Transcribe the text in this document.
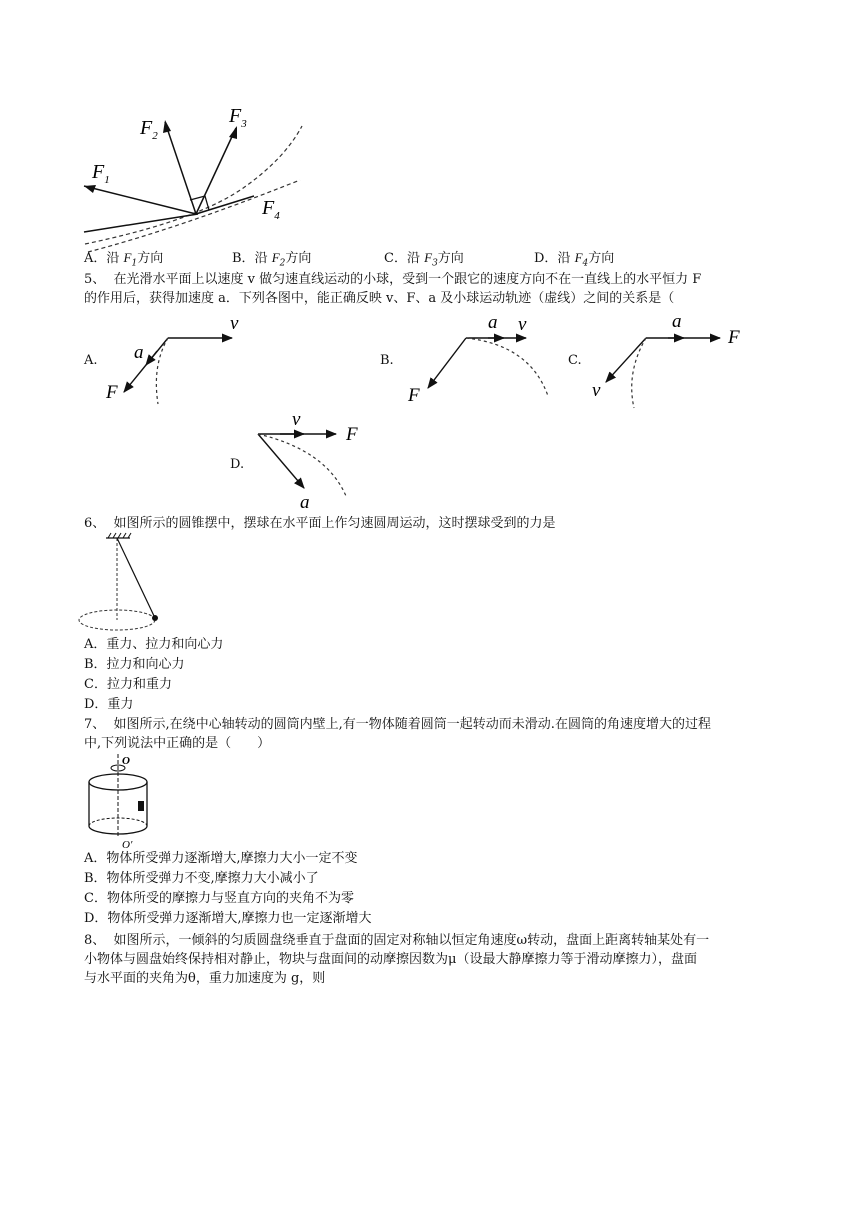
$F_1$
$F_2$
$F_3$
$F_4$
A．沿 $F_1$方向	B．沿 $F_2$方向	C．沿 $F_3$方向	D．沿 $F_4$方向
5、 在光滑水平面上以速度 v 做匀速直线运动的小球，受到一个跟它的速度方向不在一直线上的水平恒力 F
的作用后，获得加速度 a．下列各图中，能正确反映 v、F、a 及小球运动轨迹（虚线）之间的关系是（
A.	B.	C.
D.
v
a
F
a v
F
a
F
v
v
F
a
6、 如图所示的圆锥摆中，摆球在水平面上作匀速圆周运动，这时摆球受到的力是
A．重力、拉力和向心力
B．拉力和向心力
C．拉力和重力
D．重力
7、 如图所示,在绕中心轴转动的圆筒内壁上,有一物体随着圆筒一起转动而未滑动.在圆筒的角速度增大的过程
中,下列说法中正确的是（　　）
O
O′
A．物体所受弹力逐渐增大,摩擦力大小一定不变
B．物体所受弹力不变,摩擦力大小减小了
C．物体所受的摩擦力与竖直方向的夹角不为零
D．物体所受弹力逐渐增大,摩擦力也一定逐渐增大
8、 如图所示，一倾斜的匀质圆盘绕垂直于盘面的固定对称轴以恒定角速度ω转动，盘面上距离转轴某处有一
小物体与圆盘始终保持相对静止，物块与盘面间的动摩擦因数为μ（设最大静摩擦力等于滑动摩擦力），盘面
与水平面的夹角为θ，重力加速度为 g，则
